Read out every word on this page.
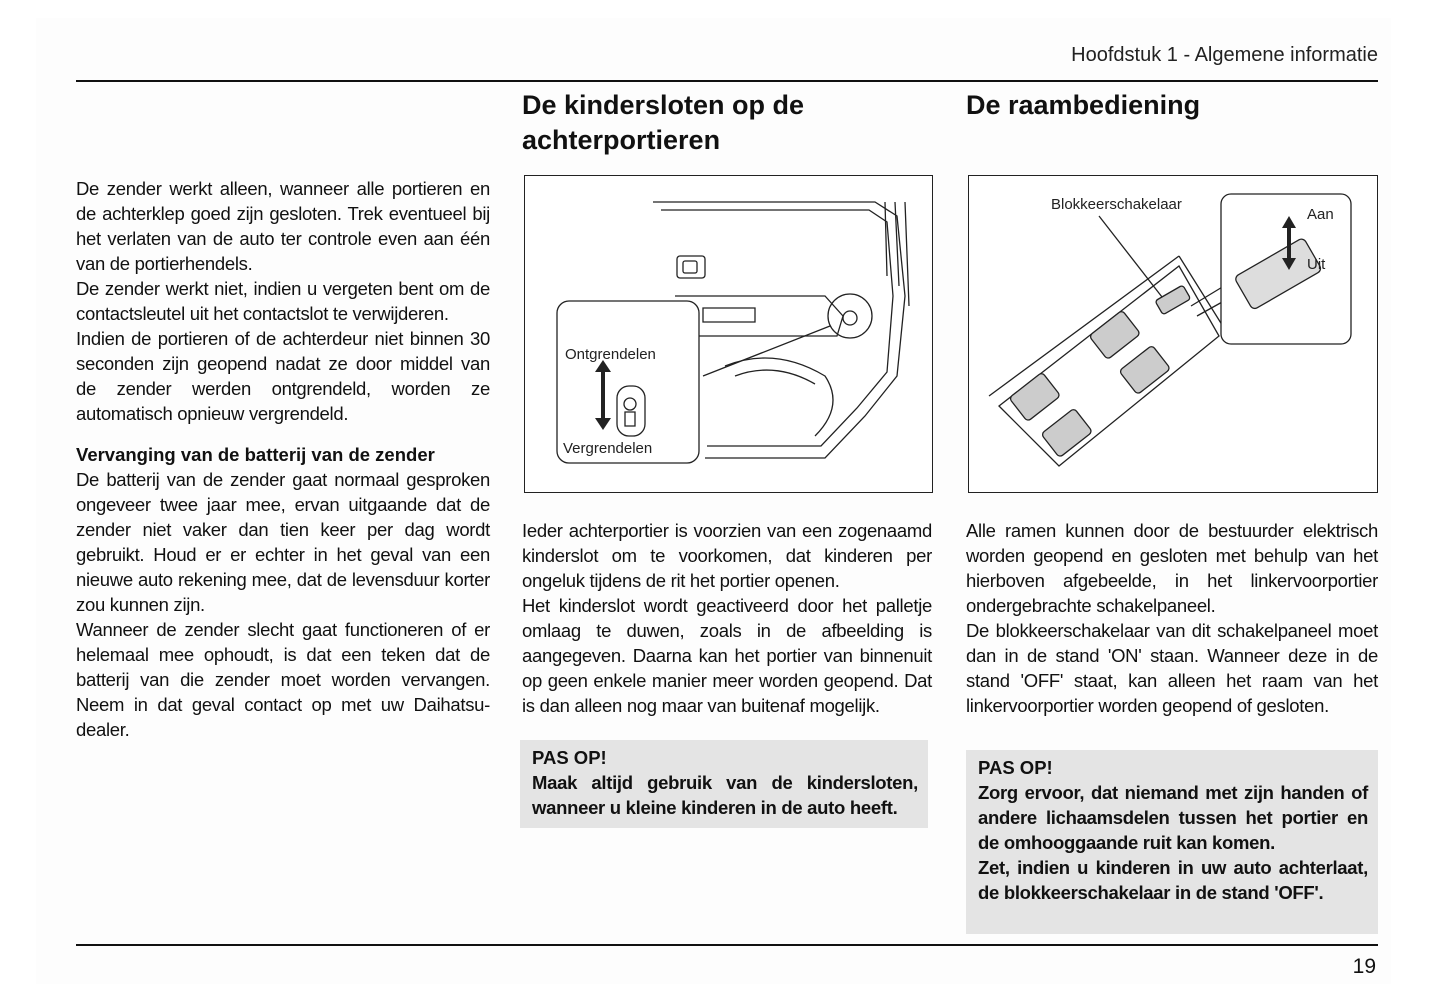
Hoofdstuk 1 - Algemene informatie

De zender werkt alleen, wanneer alle portieren en de achterklep goed zijn gesloten. Trek eventueel bij het verlaten van de auto ter controle even aan één van de portierhendels.

De zender werkt niet, indien u vergeten bent om de contactsleutel uit het contactslot te verwijderen.

Indien de portieren of de achterdeur niet binnen 30 seconden zijn geopend nadat ze door middel van de zender werden ontgrendeld, worden ze automatisch opnieuw vergrendeld.

Vervanging van de batterij van de zender

De batterij van de zender gaat normaal gesproken ongeveer twee jaar mee, ervan uitgaande dat de zender niet vaker dan tien keer per dag wordt gebruikt. Houd er er echter in het geval van een nieuwe auto rekening mee, dat de levensduur korter zou kunnen zijn.

Wanneer de zender slecht gaat functioneren of er helemaal mee ophoudt, is dat een teken dat de batterij van die zender moet worden vervangen. Neem in dat geval contact op met uw Daihatsu-dealer.

De kindersloten op de achterportieren
Ontgrendelen
Vergrendelen

Ieder achterportier is voorzien van een zogenaamd kinderslot om te voorkomen, dat kinderen per ongeluk tijdens de rit het portier openen.

Het kinderslot wordt geactiveerd door het palletje omlaag te duwen, zoals in de afbeelding is aangegeven. Daarna kan het portier van binnenuit op geen enkele manier meer worden geopend. Dat is dan alleen nog maar van buitenaf mogelijk.

PAS OP!
Maak altijd gebruik van de kindersloten, wanneer u kleine kinderen in de auto heeft.
De raambediening
Blokkeerschakelaar
Aan
Uit

Alle ramen kunnen door de bestuurder elektrisch worden geopend en gesloten met behulp van het hierboven afgebeelde, in het linkervoorportier ondergebrachte schakelpaneel.

De blokkeerschakelaar van dit schakelpaneel moet dan in de stand 'ON' staan. Wanneer deze in de stand 'OFF' staat, kan alleen het raam van het linkervoorportier worden geopend of gesloten.

PAS OP!
Zorg ervoor, dat niemand met zijn handen of andere lichaamsdelen tussen het portier en de omhooggaande ruit kan komen.
Zet, indien u kinderen in uw auto achterlaat, de blokkeerschakelaar in de stand 'OFF'.
19
